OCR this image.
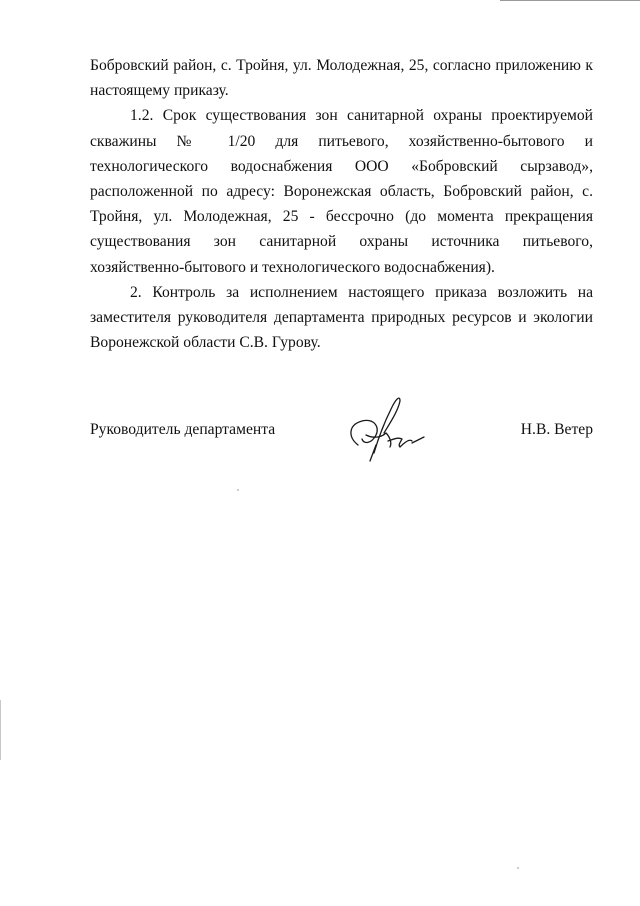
Бобровский район, с. Тройня, ул. Молодежная, 25, согласно приложению к настоящему приказу.

1.2. Срок существования зон санитарной охраны проектируемой скважины № 1/20 для питьевого, хозяйственно-бытового и технологического водоснабжения ООО «Бобровский сырзавод», расположенной по адресу: Воронежская область, Бобровский район, с. Тройня, ул. Молодежная, 25 - бессрочно (до момента прекращения существования зон санитарной охраны источника питьевого, хозяйственно-бытового и технологического водоснабжения).

2. Контроль за исполнением настоящего приказа возложить на заместителя руководителя департамента природных ресурсов и экологии Воронежской области С.В. Гурову.

Руководитель департамента	Н.В. Ветер
